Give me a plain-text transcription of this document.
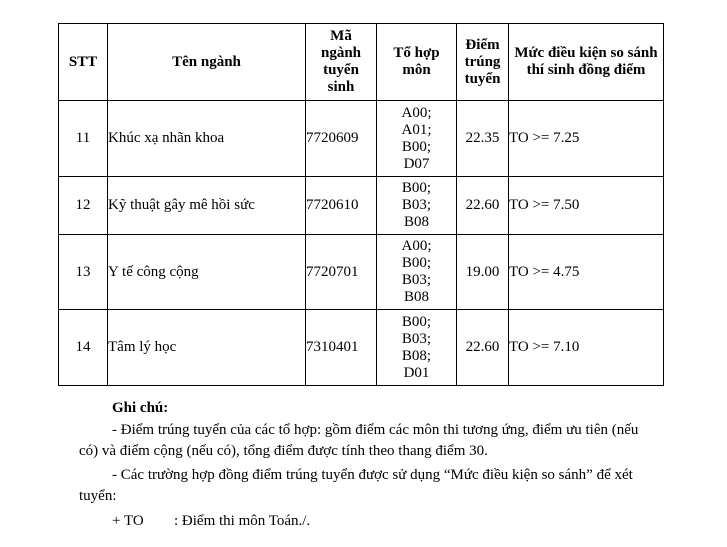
STT	Tên ngành	Mã ngành tuyển sinh	Tổ hợp môn	Điểm trúng tuyển	Mức điều kiện so sánh
thí sinh đồng điểm

11	Khúc xạ nhãn khoa	7720609	A00;
A01;
B00;
D07	22.35	TO >= 7.25
12	Kỹ thuật gây mê hồi sức	7720610	B00;
B03;
B08	22.60	TO >= 7.50
13	Y tế công cộng	7720701	A00;
B00;
B03;
B08	19.00	TO >= 4.75
14	Tâm lý học	7310401	B00;
B03;
B08;
D01	22.60	TO >= 7.10
Ghi chú:

- Điểm trúng tuyển của các tổ hợp: gồm điểm các môn thi tương ứng, điểm ưu tiên (nếu có) và điểm cộng (nếu có), tổng điểm được tính theo thang điểm 30.

- Các trường hợp đồng điểm trúng tuyển được sử dụng “Mức điều kiện so sánh” để xét tuyển:

+ TO : Điểm thi môn Toán./.
